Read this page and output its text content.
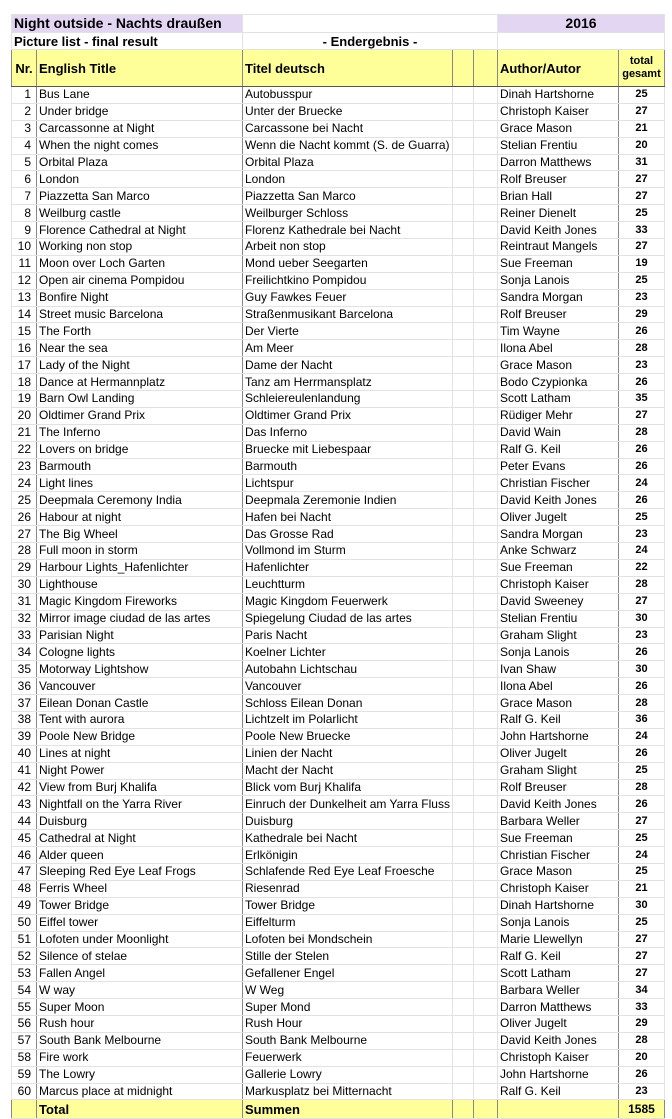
Night outside - Nachts draußen					2016	
Picture list - final result		- Endergebnis -				
Nr.	English Title	Titel deutsch			Author/Autor	total
gesamt
1	Bus Lane	Autobusspur			Dinah Hartshorne	25
2	Under bridge	Unter der Bruecke			Christoph Kaiser	27
3	Carcassonne at Night	Carcassone bei Nacht			Grace Mason	21
4	When the night comes	Wenn die Nacht kommt (S. de Guarra)			Stelian Frentiu	20
5	Orbital Plaza	Orbital Plaza			Darron Matthews	31
6	London	London			Rolf Breuser	27
7	Piazzetta San Marco	Piazzetta San Marco			Brian Hall	27
8	Weilburg castle	Weilburger Schloss			Reiner Dienelt	25
9	Florence Cathedral at Night	Florenz Kathedrale bei Nacht			David Keith Jones	33
10	Working non stop	Arbeit non stop			Reintraut Mangels	27
11	Moon over Loch Garten	Mond ueber Seegarten			Sue Freeman	19
12	Open air cinema Pompidou	Freilichtkino Pompidou			Sonja Lanois	25
13	Bonfire Night	Guy Fawkes Feuer			Sandra Morgan	23
14	Street music Barcelona	Straßenmusikant Barcelona			Rolf Breuser	29
15	The Forth	Der Vierte			Tim Wayne	26
16	Near the sea	Am Meer			Ilona Abel	28
17	Lady of the Night	Dame der Nacht			Grace Mason	23
18	Dance at Hermannplatz	Tanz am Herrmansplatz			Bodo Czypionka	26
19	Barn Owl Landing	Schleiereulenlandung			Scott Latham	35
20	Oldtimer Grand Prix	Oldtimer Grand Prix			Rüdiger Mehr	27
21	The Inferno	Das Inferno			David Wain	28
22	Lovers on bridge	Bruecke mit Liebespaar			Ralf G. Keil	26
23	Barmouth	Barmouth			Peter Evans	26
24	Light lines	Lichtspur			Christian Fischer	24
25	Deepmala Ceremony India	Deepmala Zeremonie Indien			David Keith Jones	26
26	Habour at night	Hafen bei Nacht			Oliver Jugelt	25
27	The Big Wheel	Das Grosse Rad			Sandra Morgan	23
28	Full moon in storm	Vollmond im Sturm			Anke Schwarz	24
29	Harbour Lights_Hafenlichter	Hafenlichter			Sue Freeman	22
30	Lighthouse	Leuchtturm			Christoph Kaiser	28
31	Magic Kingdom Fireworks	Magic Kingdom Feuerwerk			David Sweeney	27
32	Mirror image ciudad de las artes	Spiegelung Ciudad de las artes			Stelian Frentiu	30
33	Parisian Night	Paris Nacht			Graham Slight	23
34	Cologne lights	Koelner Lichter			Sonja Lanois	26
35	Motorway Lightshow	Autobahn Lichtschau			Ivan Shaw	30
36	Vancouver	Vancouver			Ilona Abel	26
37	Eilean Donan Castle	Schloss Eilean Donan			Grace Mason	28
38	Tent with aurora	Lichtzelt im Polarlicht			Ralf G. Keil	36
39	Poole New Bridge	Poole New Bruecke			John Hartshorne	24
40	Lines at night	Linien der Nacht			Oliver Jugelt	26
41	Night Power	Macht der Nacht			Graham Slight	25
42	View from Burj Khalifa	Blick vom Burj Khalifa			Rolf Breuser	28
43	Nightfall on the Yarra River	Einruch der Dunkelheit am Yarra Fluss			David Keith Jones	26
44	Duisburg	Duisburg			Barbara Weller	27
45	Cathedral at Night	Kathedrale bei Nacht			Sue Freeman	25
46	Alder queen	Erlkönigin			Christian Fischer	24
47	Sleeping Red Eye Leaf Frogs	Schlafende Red Eye Leaf Froesche			Grace Mason	25
48	Ferris Wheel	Riesenrad			Christoph Kaiser	21
49	Tower Bridge	Tower Bridge			Dinah Hartshorne	30
50	Eiffel tower	Eiffelturm			Sonja Lanois	25
51	Lofoten under Moonlight	Lofoten bei Mondschein			Marie Llewellyn	27
52	Silence of stelae	Stille der Stelen			Ralf G. Keil	27
53	Fallen Angel	Gefallener Engel			Scott Latham	27
54	W way	W Weg			Barbara Weller	34
55	Super Moon	Super Mond			Darron Matthews	33
56	Rush hour	Rush Hour			Oliver Jugelt	29
57	South Bank Melbourne	South Bank Melbourne			David Keith Jones	28
58	Fire work	Feuerwerk			Christoph Kaiser	20
59	The Lowry	Gallerie Lowry			John Hartshorne	26
60	Marcus place at midnight	Markusplatz bei Mitternacht			Ralf G. Keil	23
	Total	Summen				1585
